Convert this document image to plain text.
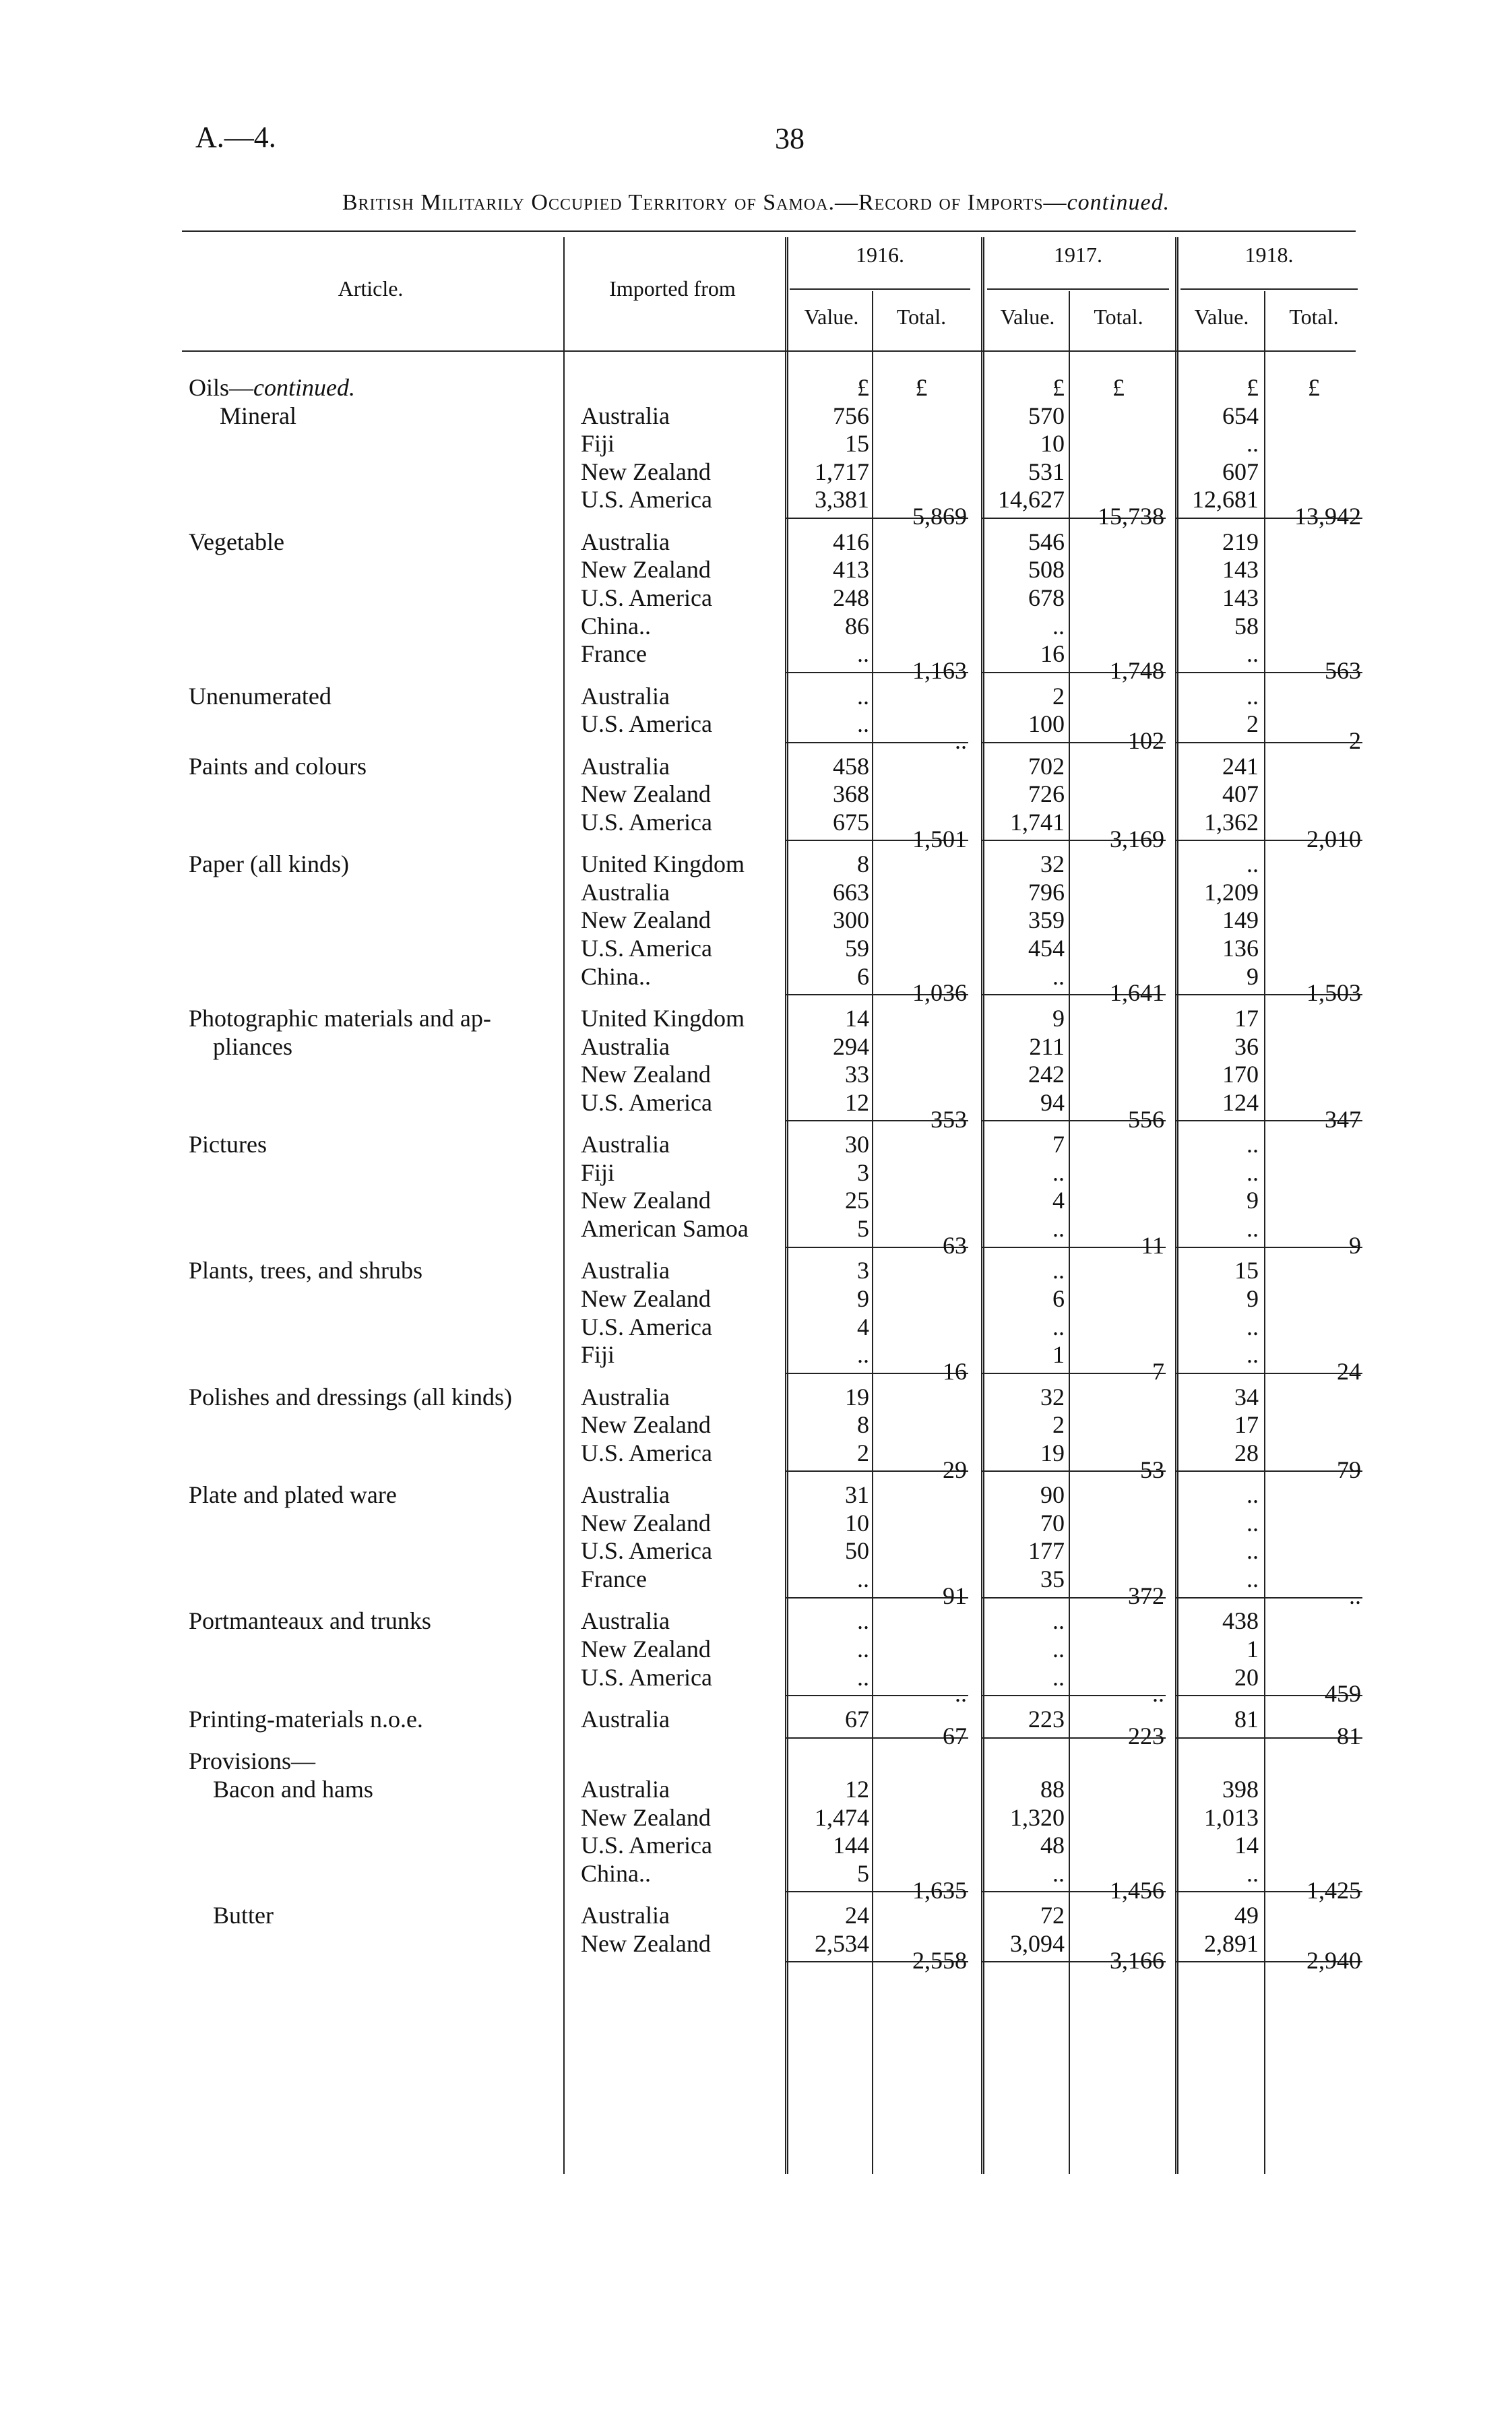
A.—4.	38
British Militarily Occupied Territory of Samoa.—Record of Imports—continued.
Article.	Imported from
1916.
Value.	Total.
1917.
Value.	Total.
1918.
Value.	Total.
£	£	£	£	£	£
Oils—continued.
Mineral	Australia	756	570	654
Fiji	15	10	..
New Zealand	1,717	531	607
U.S. America	3,381	14,627	12,681
5,869	15,738	13,942
Vegetable	Australia	416	546	219
New Zealand	413	508	143
U.S. America	248	678	143
China..	86	..	58
France	..	16	..
1,163	1,748	563
Unenumerated	Australia	..	2	..
U.S. America	..	100	2
..	102	2
Paints and colours	Australia	458	702	241
New Zealand	368	726	407
U.S. America	675	1,741	1,362
1,501	3,169	2,010
Paper (all kinds)	United Kingdom	8	32	..
Australia	663	796	1,209
New Zealand	300	359	149
U.S. America	59	454	136
China..	6	..	9
1,036	1,641	1,503
Photographic materials and ap-
pliances
United Kingdom	14	9	17
Australia	294	211	36
New Zealand	33	242	170
U.S. America	12	94	124
353	556	347
Pictures	Australia	30	7	..
Fiji	3	..	..
New Zealand	25	4	9
American Samoa	5	..	..
63	11	9
Plants, trees, and shrubs	Australia	3	..	15
New Zealand	9	6	9
U.S. America	4	..	..
Fiji	..	1	..
16	7	24
Polishes and dressings (all kinds)	Australia	19	32	34
New Zealand	8	2	17
U.S. America	2	19	28
29	53	79
Plate and plated ware	Australia	31	90	..
New Zealand	10	70	..
U.S. America	50	177	..
France	..	35	..
91	372	..
Portmanteaux and trunks	Australia	..	..	438
New Zealand	..	..	1
U.S. America	..	..	20
..	..	459
Printing-materials n.o.e.	Australia	67	223	81
67	223	81
Provisions—
Bacon and hams	Australia	12	88	398
New Zealand	1,474	1,320	1,013
U.S. America	144	48	14
China..	5	..	..
1,635	1,456	1,425
Butter	Australia	24	72	49
New Zealand	2,534	3,094	2,891
2,558	3,166	2,940
